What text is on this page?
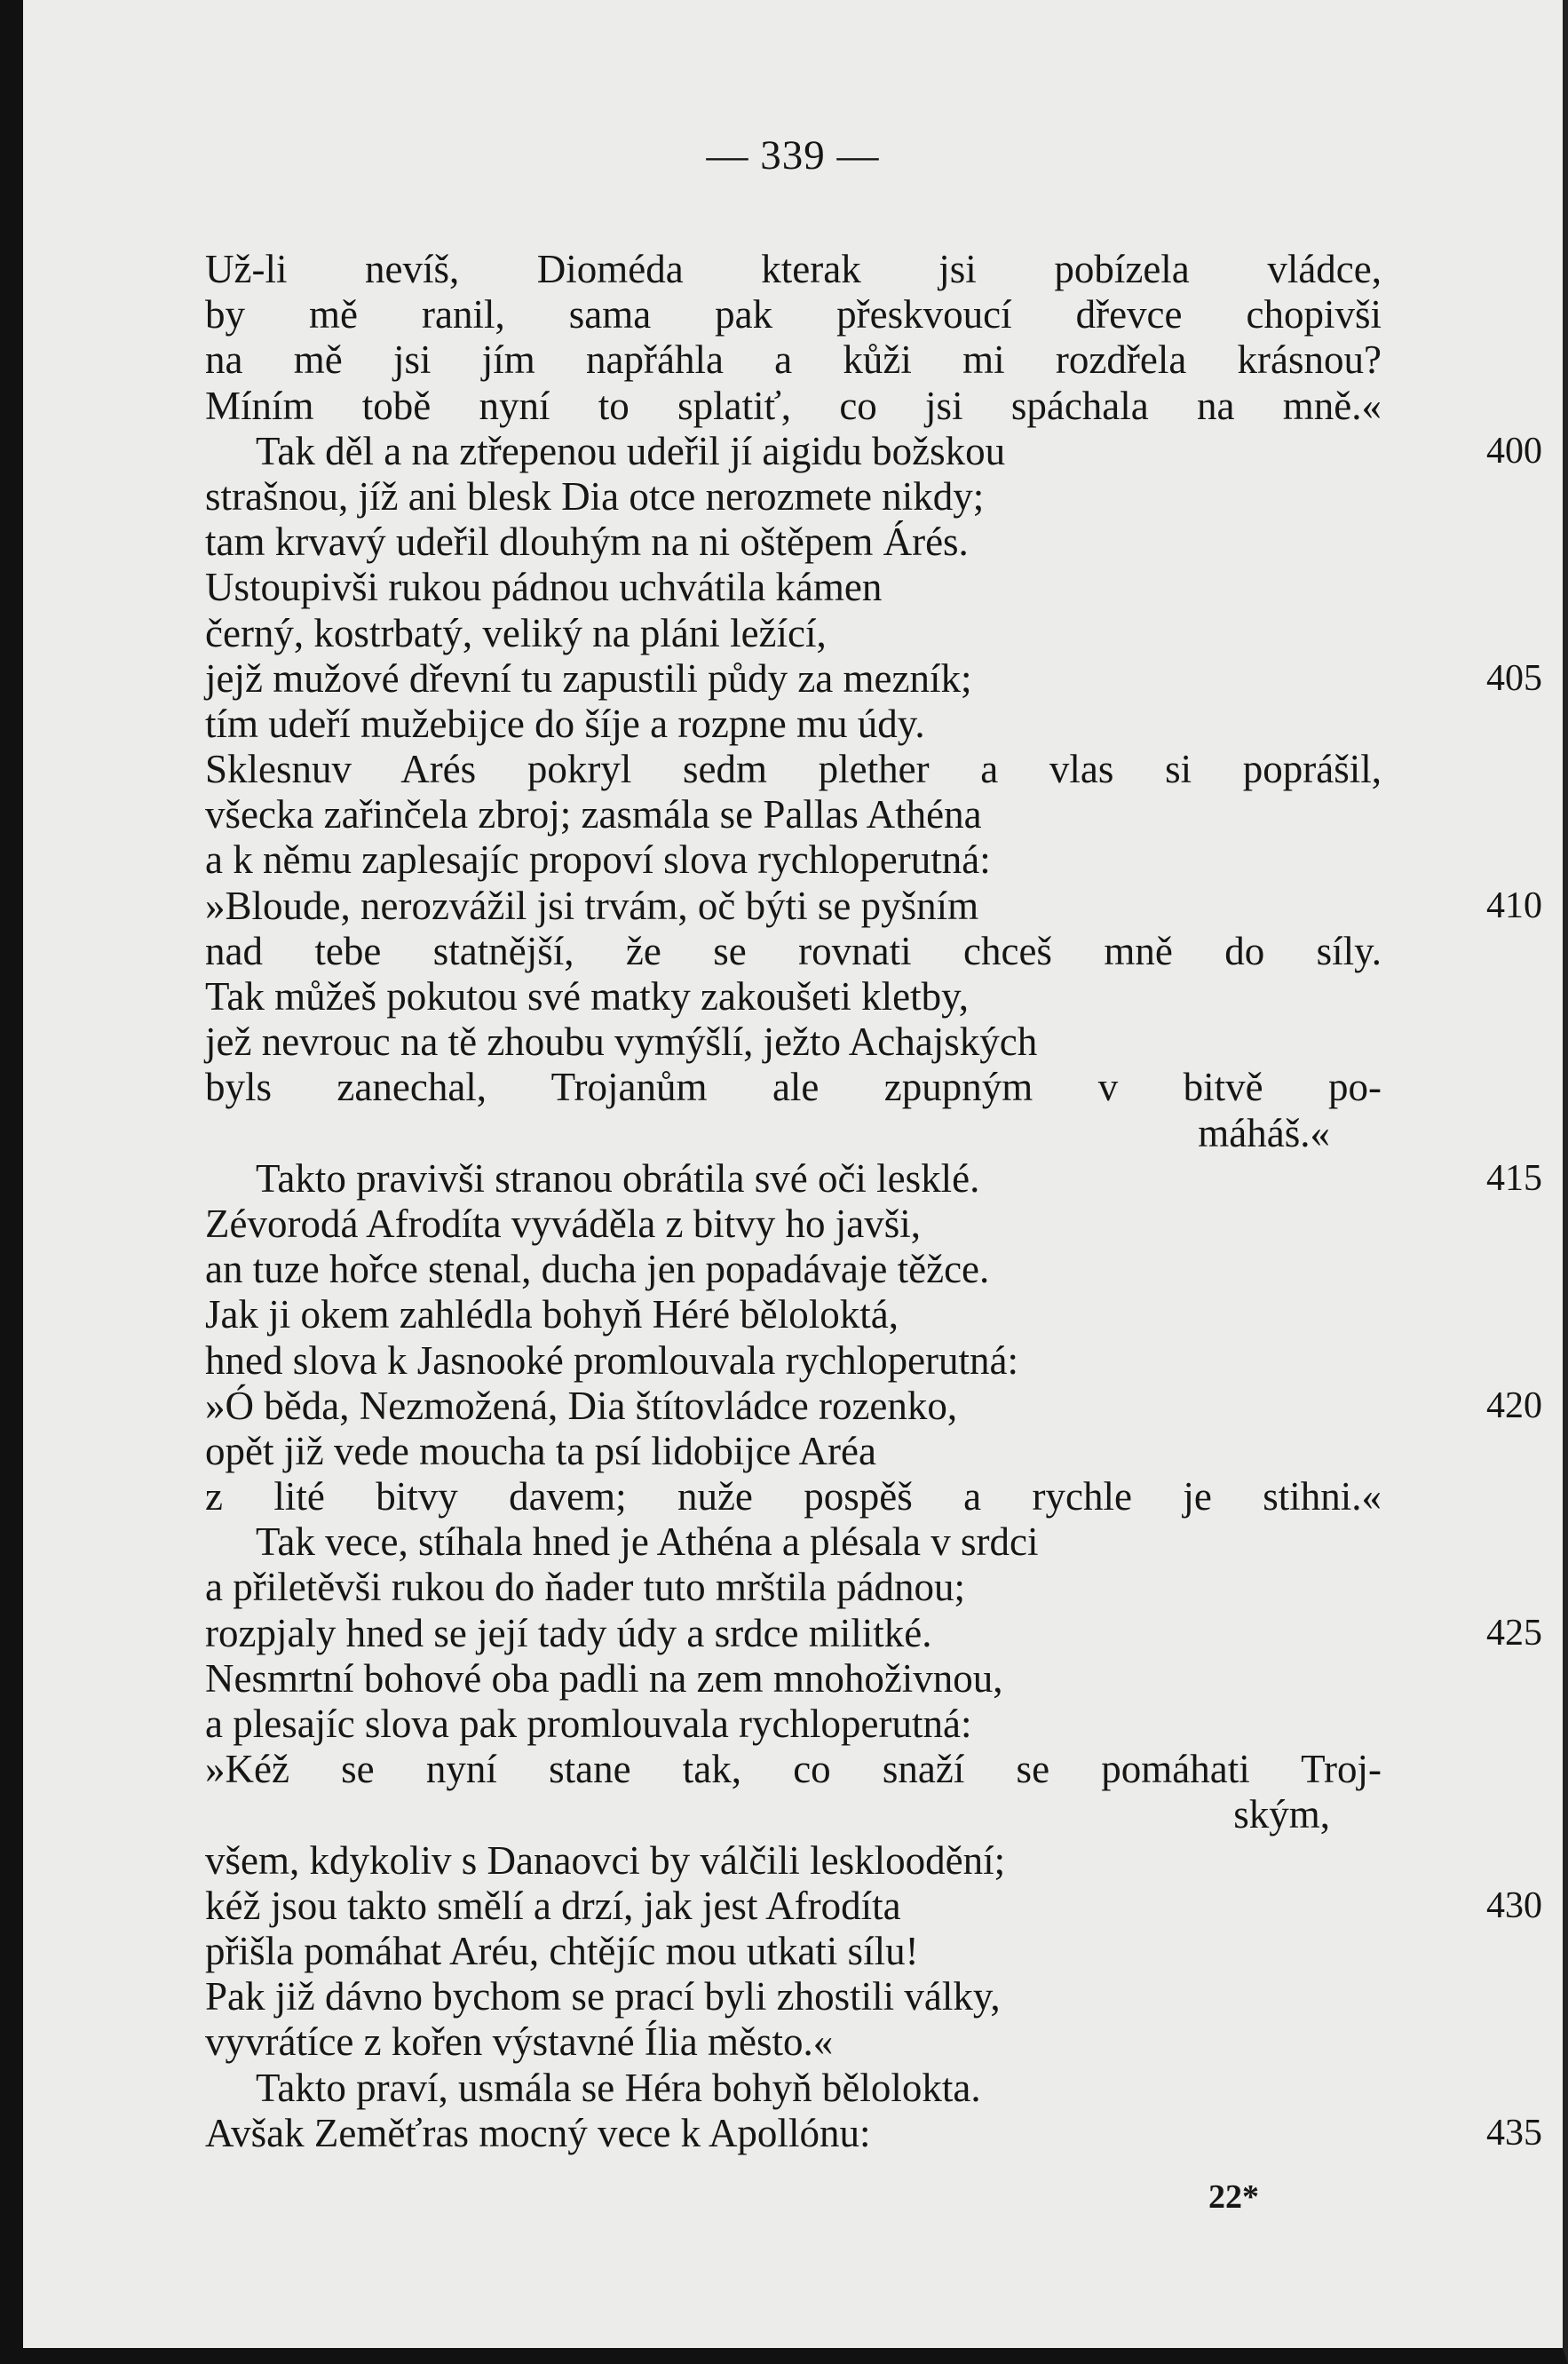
— 339 —
Už-li nevíš, Dioméda kterak jsi pobízela vládce,
by mě ranil, sama pak přeskvoucí dřevce chopivši
na mě jsi jím napřáhla a kůži mi rozdřela krásnou?
Míním tobě nyní to splatiť, co jsi spáchala na mně.«
Tak děl a na ztřepenou udeřil jí aigidu božskou	400
strašnou, jíž ani blesk Dia otce nerozmete nikdy;
tam krvavý udeřil dlouhým na ni oštěpem Árés.
Ustoupivši rukou pádnou uchvátila kámen
černý, kostrbatý, veliký na pláni ležící,
jejž mužové dřevní tu zapustili půdy za mezník;	405
tím udeří mužebijce do šíje a rozpne mu údy.
Sklesnuv Arés pokryl sedm plether a vlas si poprášil,
všecka zařinčela zbroj; zasmála se Pallas Athéna
a k němu zaplesajíc propoví slova rychloperutná:
»Bloude, nerozvážil jsi trvám, oč býti se pyšním	410
nad tebe statnější, že se rovnati chceš mně do síly.
Tak můžeš pokutou své matky zakoušeti kletby,
jež nevrouc na tě zhoubu vymýšlí, ježto Achajských
byls zanechal, Trojanům ale zpupným v bitvě po-
máháš.«
Takto pravivši stranou obrátila své oči lesklé.	415
Zévorodá Afrodíta vyváděla z bitvy ho javši,
an tuze hořce stenal, ducha jen popadávaje těžce.
Jak ji okem zahlédla bohyň Héré běloloktá,
hned slova k Jasnooké promlouvala rychloperutná:
»Ó běda, Nezmožená, Dia štítovládce rozenko,	420
opět již vede moucha ta psí lidobijce Aréa
z lité bitvy davem; nuže pospěš a rychle je stihni.«
Tak vece, stíhala hned je Athéna a plésala v srdci
a přiletěvši rukou do ňader tuto mrštila pádnou;
rozpjaly hned se její tady údy a srdce militké.	425
Nesmrtní bohové oba padli na zem mnohoživnou,
a plesajíc slova pak promlouvala rychloperutná:
»Kéž se nyní stane tak, co snaží se pomáhati Troj-
ským,
všem, kdykoliv s Danaovci by válčili leskloodění;
kéž jsou takto smělí a drzí, jak jest Afrodíta	430
přišla pomáhat Aréu, chtějíc mou utkati sílu!
Pak již dávno bychom se prací byli zhostili války,
vyvrátíce z kořen výstavné Ília město.«
Takto praví, usmála se Héra bohyň bělolokta.
Avšak Zeměťras mocný vece k Apollónu:	435
22*
